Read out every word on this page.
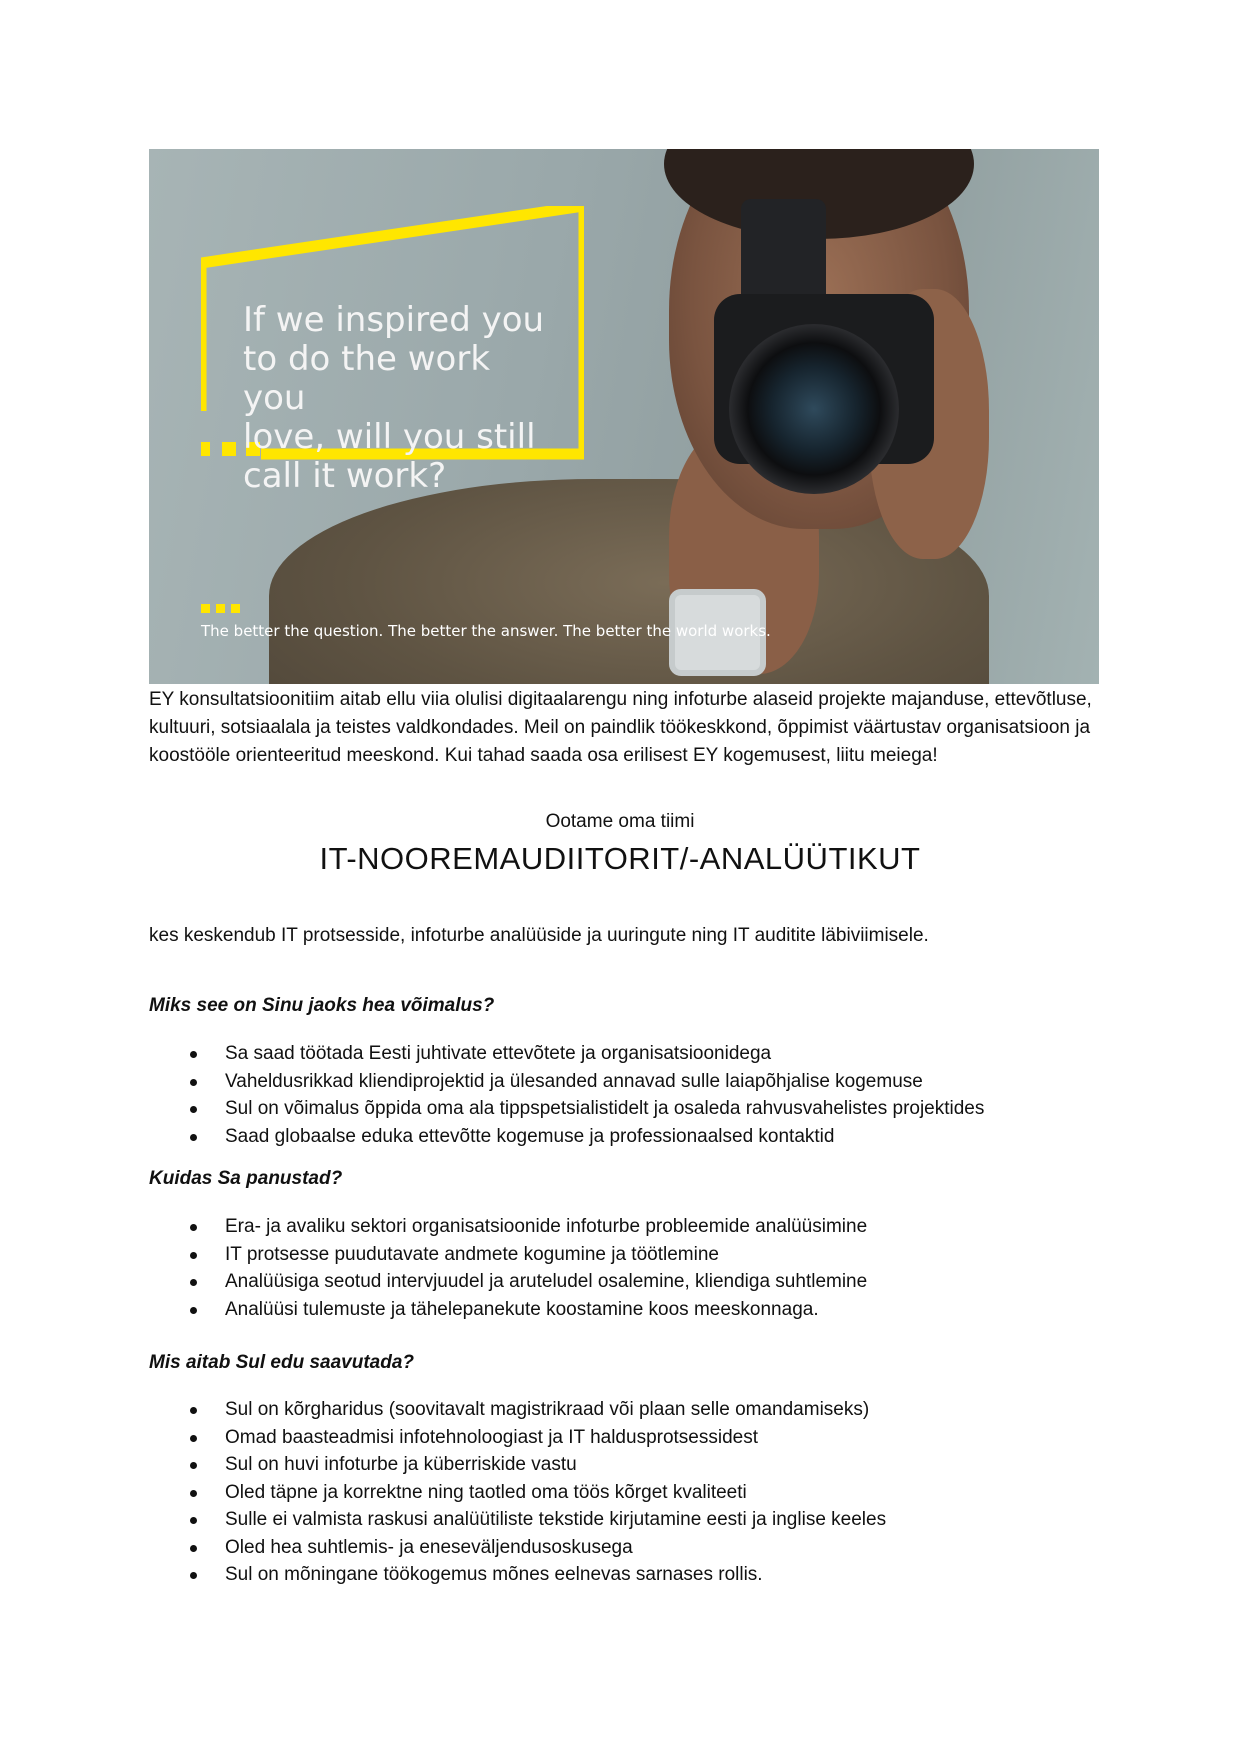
If we inspired you
to do the work you
love, will you still
call it work?
The better the question. The better the answer. The better the world works.

EY konsultatsioonitiim aitab ellu viia olulisi digitaalarengu ning infoturbe alaseid projekte majanduse, ettevõtluse, kultuuri, sotsiaalala ja teistes valdkondades. Meil on paindlik töökeskkond, õppimist väärtustav organisatsioon ja koostööle orienteeritud meeskond. Kui tahad saada osa erilisest EY kogemusest, liitu meiega!

Ootame oma tiimi
IT-NOOREMAUDIITORIT/-ANALÜÜTIKUT
kes keskendub IT protsesside, infoturbe analüüside ja uuringute ning IT auditite läbiviimisele.
Miks see on Sinu jaoks hea võimalus?
Sa saad töötada Eesti juhtivate ettevõtete ja organisatsioonidega
Vaheldusrikkad kliendiprojektid ja ülesanded annavad sulle laiapõhjalise kogemuse
Sul on võimalus õppida oma ala tippspetsialistidelt ja osaleda rahvusvahelistes projektides
Saad globaalse eduka ettevõtte kogemuse ja professionaalsed kontaktid
Kuidas Sa panustad?
Era- ja avaliku sektori organisatsioonide infoturbe probleemide analüüsimine
IT protsesse puudutavate andmete kogumine ja töötlemine
Analüüsiga seotud intervjuudel ja aruteludel osalemine, kliendiga suhtlemine
Analüüsi tulemuste ja tähelepanekute koostamine koos meeskonnaga.
Mis aitab Sul edu saavutada?
Sul on kõrgharidus (soovitavalt magistrikraad või plaan selle omandamiseks)
Omad baasteadmisi infotehnoloogiast ja IT haldusprotsessidest
Sul on huvi infoturbe ja küberriskide vastu
Oled täpne ja korrektne ning taotled oma töös kõrget kvaliteeti
Sulle ei valmista raskusi analüütiliste tekstide kirjutamine eesti ja inglise keeles
Oled hea suhtlemis- ja eneseväljendusoskusega
Sul on mõningane töökogemus mõnes eelnevas sarnases rollis.
